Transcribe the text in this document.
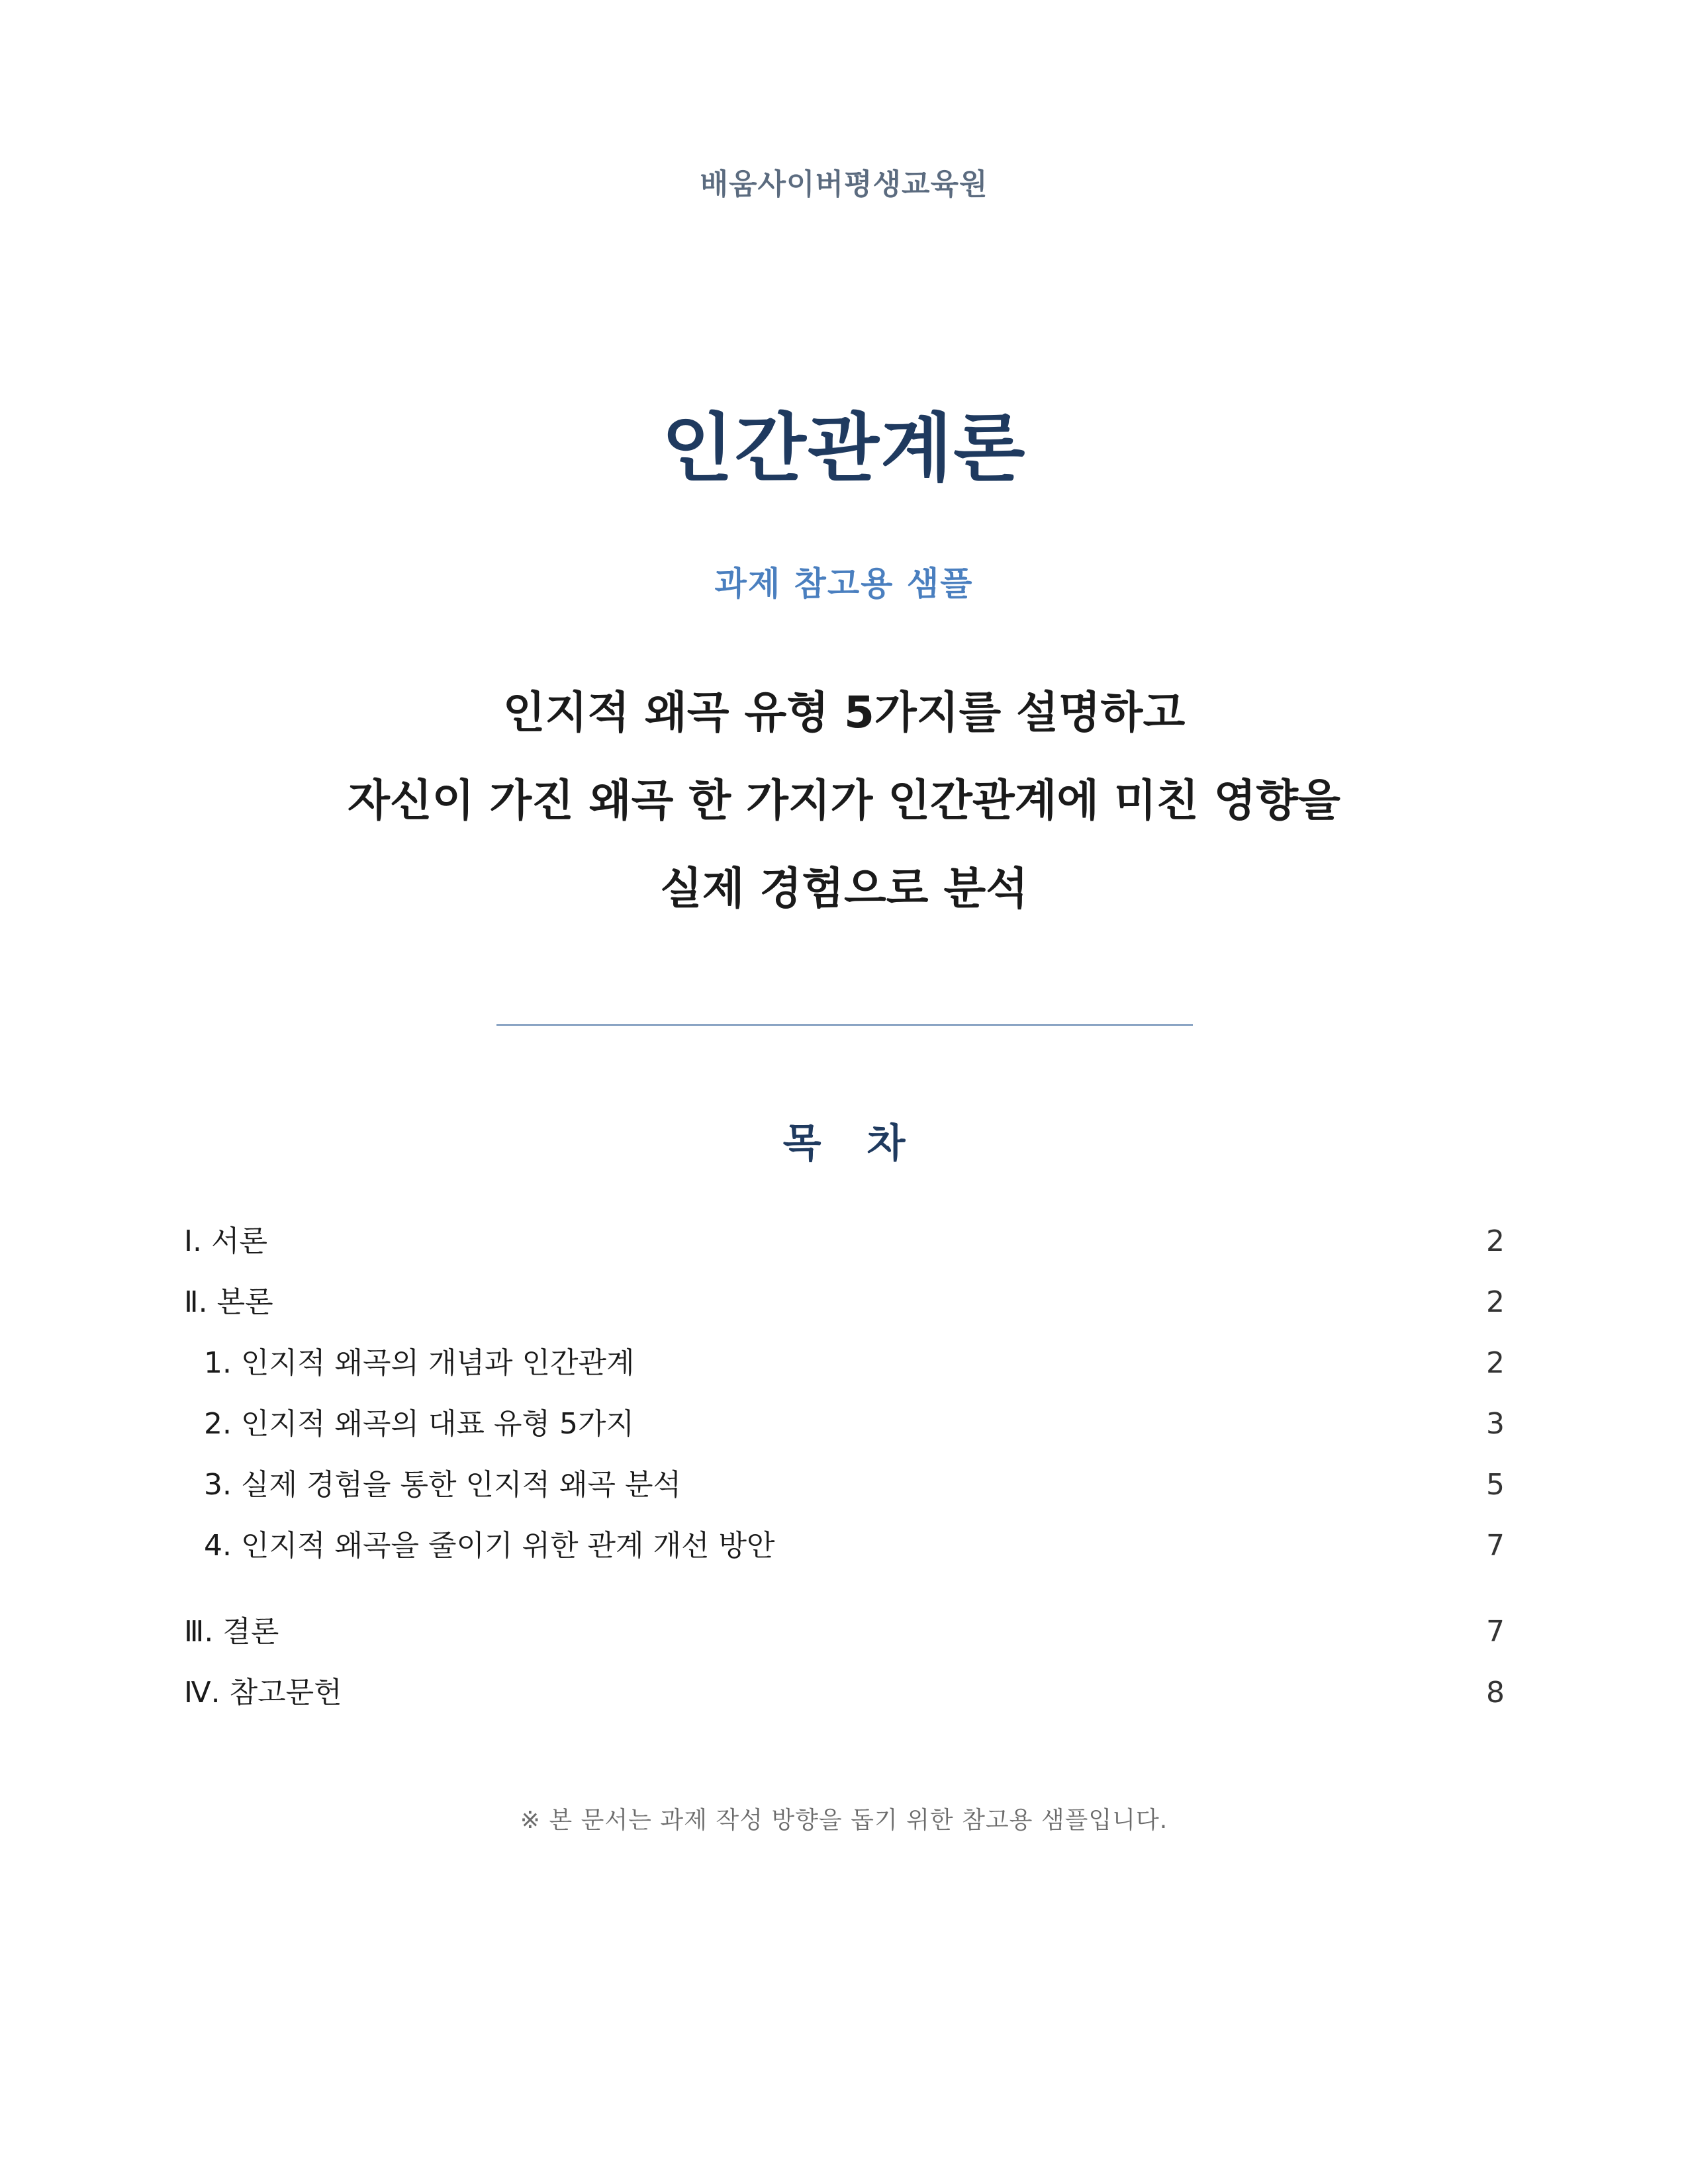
배움사이버평생교육원
인간관계론
과제 참고용 샘플
인지적 왜곡 유형 5가지를 설명하고
자신이 가진 왜곡 한 가지가 인간관계에 미친 영향을
실제 경험으로 분석
목 차
Ⅰ. 서론	2
Ⅱ. 본론	2
1. 인지적 왜곡의 개념과 인간관계	2
2. 인지적 왜곡의 대표 유형 5가지	3
3. 실제 경험을 통한 인지적 왜곡 분석	5
4. 인지적 왜곡을 줄이기 위한 관계 개선 방안	7
Ⅲ. 결론	7
Ⅳ. 참고문헌	8
※ 본 문서는 과제 작성 방향을 돕기 위한 참고용 샘플입니다.
